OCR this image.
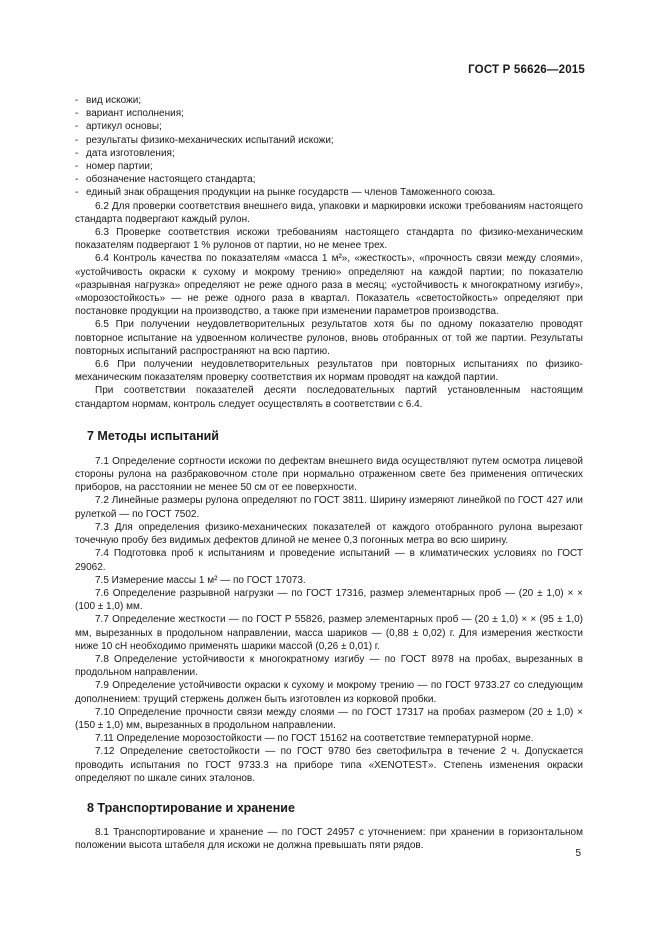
ГОСТ Р 56626—2015
- вид искожи;
- вариант исполнения;
- артикул основы;
- результаты физико-механических испытаний искожи;
- дата изготовления;
- номер партии;
- обозначение настоящего стандарта;
- единый знак обращения продукции на рынке государств — членов Таможенного союза.

6.2 Для проверки соответствия внешнего вида, упаковки и маркировки искожи требованиям настоящего стандарта подвергают каждый рулон.

6.3 Проверке соответствия искожи требованиям настоящего стандарта по физико-механическим показателям подвергают 1 % рулонов от партии, но не менее трех.

6.4 Контроль качества по показателям «масса 1 м²», «жесткость», «прочность связи между слоями», «устойчивость окраски к сухому и мокрому трению» определяют на каждой партии; по показателю «разрывная нагрузка» определяют не реже одного раза в месяц; «устойчивость к многократному изгибу», «морозостойкость» — не реже одного раза в квартал. Показатель «светостойкость» определяют при постановке продукции на производство, а также при изменении параметров производства.

6.5 При получении неудовлетворительных результатов хотя бы по одному показателю проводят повторное испытание на удвоенном количестве рулонов, вновь отобранных от той же партии. Результаты повторных испытаний распространяют на всю партию.

6.6 При получении неудовлетворительных результатов при повторных испытаниях по физико-механическим показателям проверку соответствия их нормам проводят на каждой партии.

При соответствии показателей десяти последовательных партий установленным настоящим стандартом нормам, контроль следует осуществлять в соответствии с 6.4.

7 Методы испытаний

7.1 Определение сортности искожи по дефектам внешнего вида осуществляют путем осмотра лицевой стороны рулона на разбраковочном столе при нормально отраженном свете без применения оптических приборов, на расстоянии не менее 50 см от ее поверхности.

7.2 Линейные размеры рулона определяют по ГОСТ 3811. Ширину измеряют линейкой по ГОСТ 427 или рулеткой — по ГОСТ 7502.

7.3 Для определения физико-механических показателей от каждого отобранного рулона вырезают точечную пробу без видимых дефектов длиной не менее 0,3 погонных метра во всю ширину.

7.4 Подготовка проб к испытаниям и проведение испытаний — в климатических условиях по ГОСТ 29062.

7.5 Измерение массы 1 м² — по ГОСТ 17073.

7.6 Определение разрывной нагрузки — по ГОСТ 17316, размер элементарных проб — (20 ± 1,0) × × (100 ± 1,0) мм.

7.7 Определение жесткости — по ГОСТ Р 55826, размер элементарных проб — (20 ± 1,0) × × (95 ± 1,0) мм, вырезанных в продольном направлении, масса шариков — (0,88 ± 0,02) г. Для измерения жесткости ниже 10 сН необходимо применять шарики массой (0,26 ± 0,01) г.

7.8 Определение устойчивости к многократному изгибу — по ГОСТ 8978 на пробах, вырезанных в продольном направлении.

7.9 Определение устойчивости окраски к сухому и мокрому трению — по ГОСТ 9733.27 со следующим дополнением: трущий стержень должен быть изготовлен из корковой пробки.

7.10 Определение прочности связи между слоями — по ГОСТ 17317 на пробах размером (20 ± 1,0) × (150 ± 1,0) мм, вырезанных в продольном направлении.

7.11 Определение морозостойкости — по ГОСТ 15162 на соответствие температурной норме.

7.12 Определение светостойкости — по ГОСТ 9780 без светофильтра в течение 2 ч. Допускается проводить испытания по ГОСТ 9733.3 на приборе типа «XENOTEST». Степень изменения окраски определяют по шкале синих эталонов.

8 Транспортирование и хранение

8.1 Транспортирование и хранение — по ГОСТ 24957 с уточнением: при хранении в горизонтальном положении высота штабеля для искожи не должна превышать пяти рядов.

5
